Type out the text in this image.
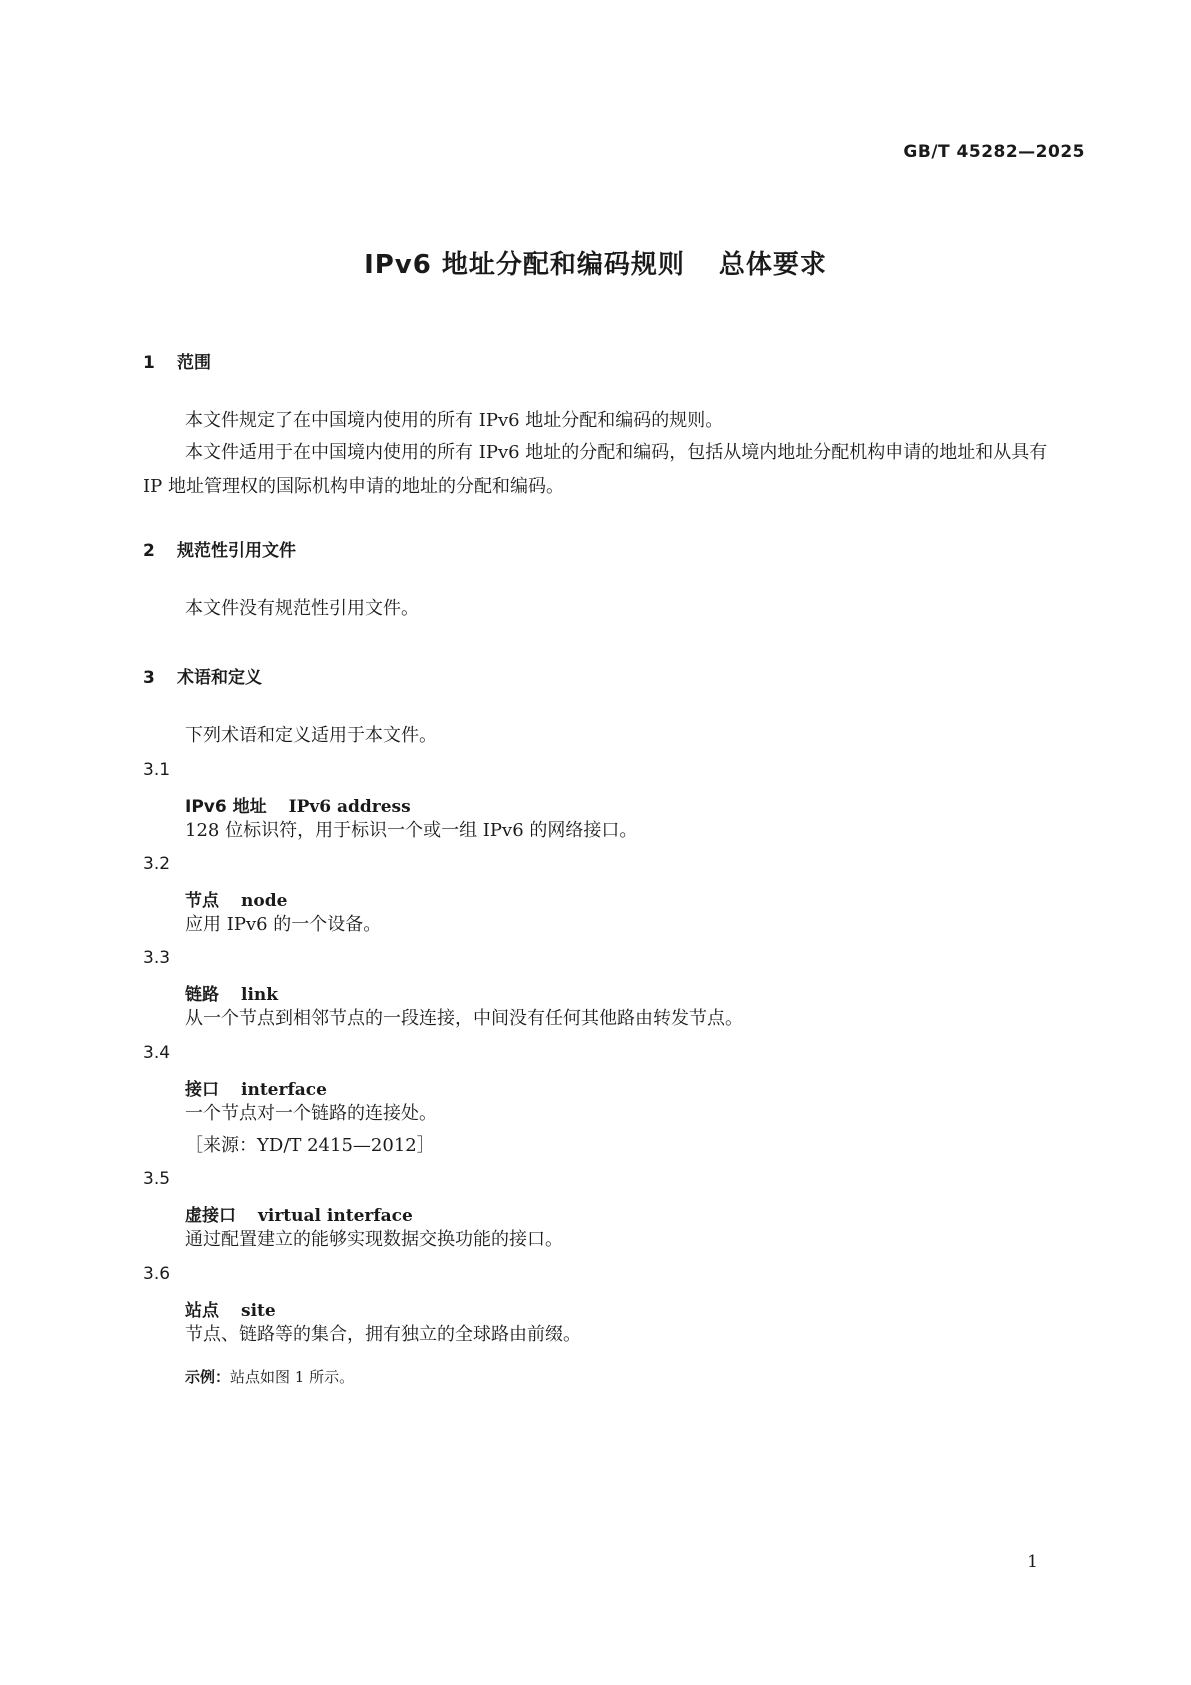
GB/T 45282—2025
IPv6 地址分配和编码规则 总体要求
1 范围
本文件规定了在中国境内使用的所有 IPv6 地址分配和编码的规则。
本文件适用于在中国境内使用的所有 IPv6 地址的分配和编码，包括从境内地址分配机构申请的地址和从具有 IP 地址管理权的国际机构申请的地址的分配和编码。
2 规范性引用文件
本文件没有规范性引用文件。
3 术语和定义
下列术语和定义适用于本文件。
3.1
IPv6 地址 IPv6 address
128 位标识符，用于标识一个或一组 IPv6 的网络接口。
3.2
节点 node
应用 IPv6 的一个设备。
3.3
链路 link
从一个节点到相邻节点的一段连接，中间没有任何其他路由转发节点。
3.4
接口 interface
一个节点对一个链路的连接处。
［来源：YD/T 2415—2012］
3.5
虚接口 virtual interface
通过配置建立的能够实现数据交换功能的接口。
3.6
站点 site
节点、链路等的集合，拥有独立的全球路由前缀。
示例：站点如图 1 所示。
1
